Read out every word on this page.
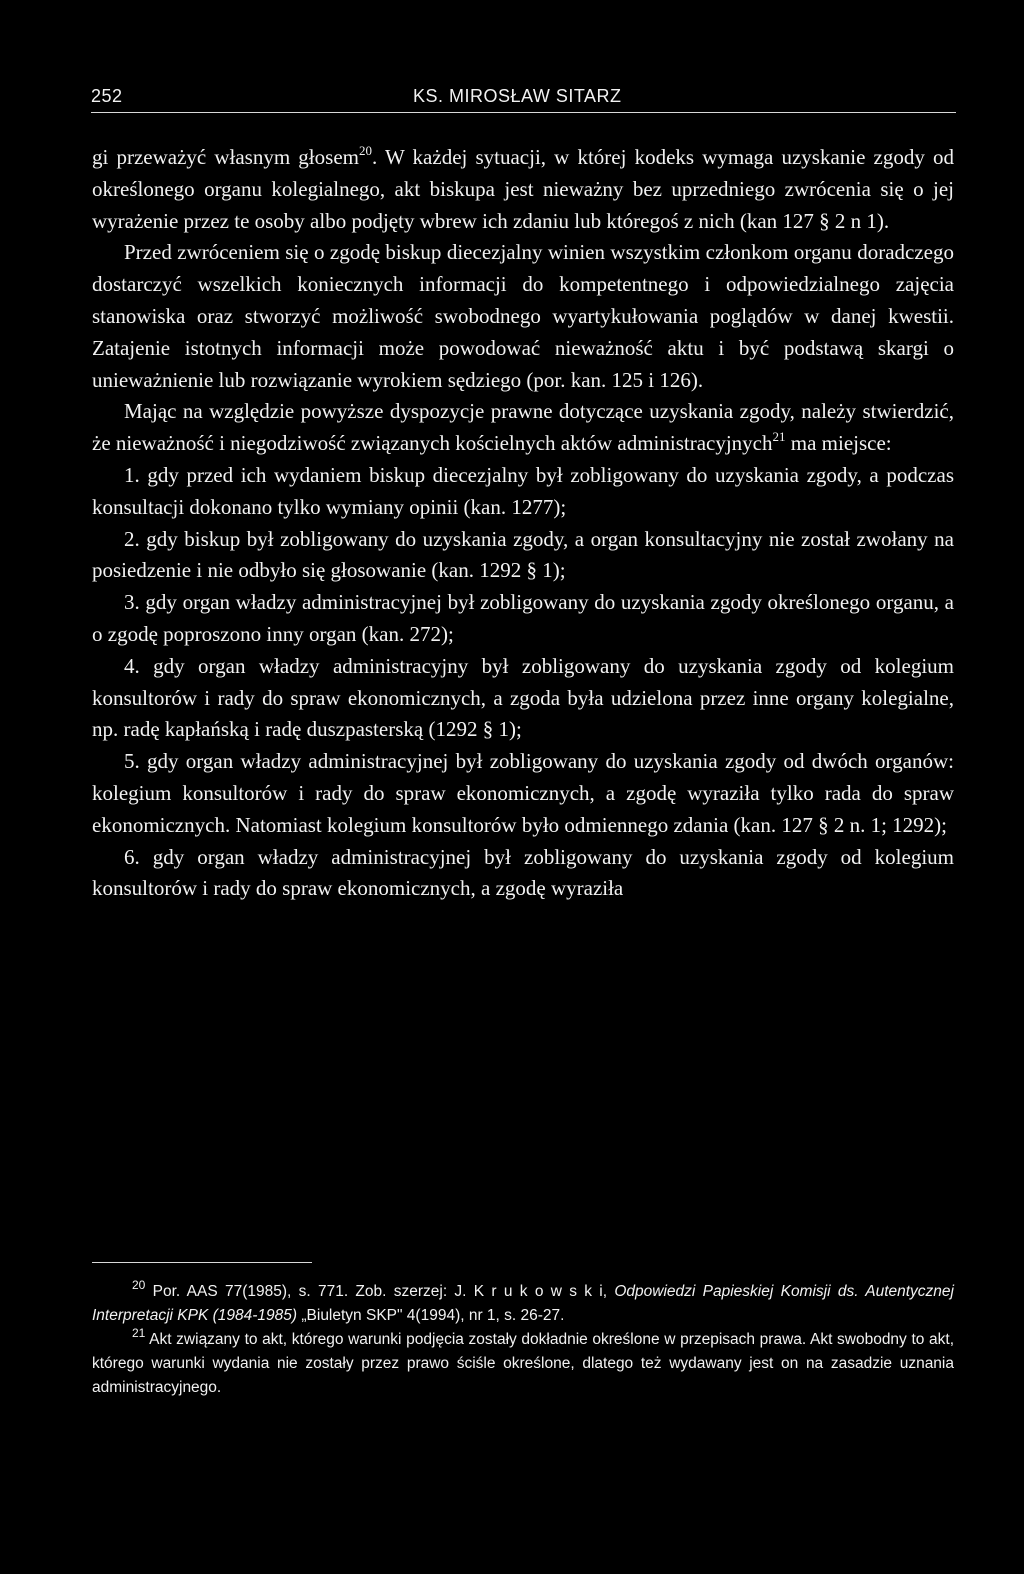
252	KS. MIROSŁAW SITARZ

gi przeważyć własnym głosem$^{20}$. W każdej sytuacji, w której kodeks wymaga uzyskanie zgody od określonego organu kolegialnego, akt biskupa jest nieważny bez uprzedniego zwrócenia się o jej wyrażenie przez te osoby albo podjęty wbrew ich zdaniu lub któregoś z nich (kan 127 § 2 n 1).

Przed zwróceniem się o zgodę biskup diecezjalny winien wszystkim członkom organu doradczego dostarczyć wszelkich koniecznych informacji do kompetentnego i odpowiedzialnego zajęcia stanowiska oraz stworzyć możliwość swobodnego wyartykułowania poglądów w danej kwestii. Zatajenie istotnych informacji może powodować nieważność aktu i być podstawą skargi o unieważnienie lub rozwiązanie wyrokiem sędziego (por. kan. 125 i 126).

Mając na względzie powyższe dyspozycje prawne dotyczące uzyskania zgody, należy stwierdzić, że nieważność i niegodziwość związanych kościelnych aktów administracyjnych$^{21}$ ma miejsce:

1. gdy przed ich wydaniem biskup diecezjalny był zobligowany do uzyskania zgody, a podczas konsultacji dokonano tylko wymiany opinii (kan. 1277);

2. gdy biskup był zobligowany do uzyskania zgody, a organ konsultacyjny nie został zwołany na posiedzenie i nie odbyło się głosowanie (kan. 1292 § 1);

3. gdy organ władzy administracyjnej był zobligowany do uzyskania zgody określonego organu, a o zgodę poproszono inny organ (kan. 272);

4. gdy organ władzy administracyjny był zobligowany do uzyskania zgody od kolegium konsultorów i rady do spraw ekonomicznych, a zgoda była udzielona przez inne organy kolegialne, np. radę kapłańską i radę duszpasterską (1292 § 1);

5. gdy organ władzy administracyjnej był zobligowany do uzyskania zgody od dwóch organów: kolegium konsultorów i rady do spraw ekonomicznych, a zgodę wyraziła tylko rada do spraw ekonomicznych. Natomiast kolegium konsultorów było odmiennego zdania (kan. 127 § 2 n. 1; 1292);

6. gdy organ władzy administracyjnej był zobligowany do uzyskania zgody od kolegium konsultorów i rady do spraw ekonomicznych, a zgodę wyraziła

$^{20}$ Por. AAS 77(1985), s. 771. Zob. szerzej: J. K r u k o w s k i, Odpowiedzi Papieskiej Komisji ds. Autentycznej Interpretacji KPK (1984-1985) „Biuletyn SKP" 4(1994), nr 1, s. 26-27.

$^{21}$ Akt związany to akt, którego warunki podjęcia zostały dokładnie określone w przepisach prawa. Akt swobodny to akt, którego warunki wydania nie zostały przez prawo ściśle określone, dlatego też wydawany jest on na zasadzie uznania administracyjnego.
